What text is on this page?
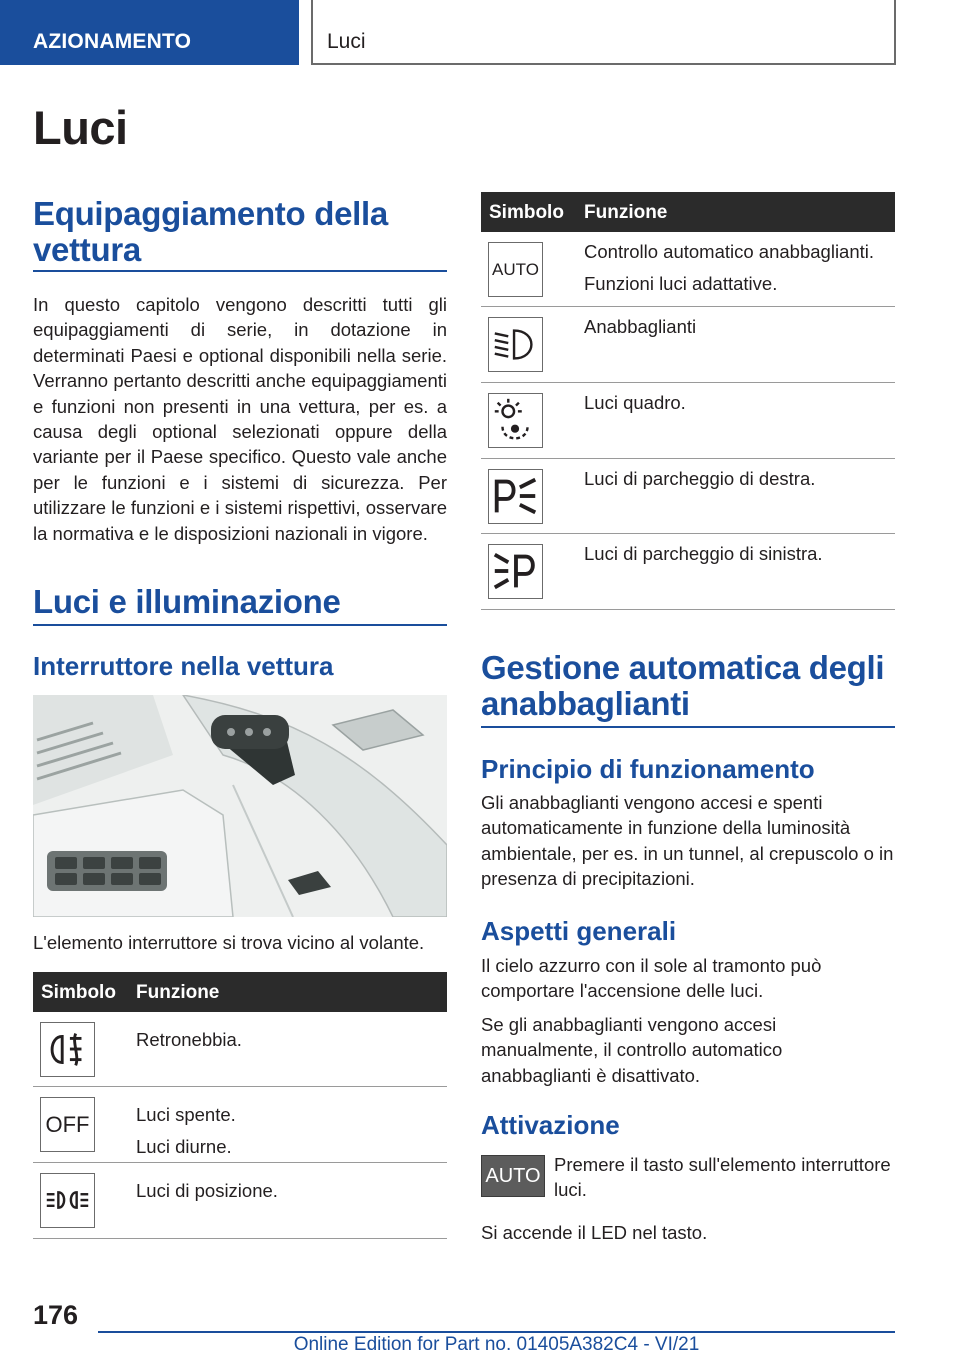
AZIONAMENTO	Luci
Luci
Equipaggiamento della vettura
In questo capitolo vengono descritti tutti gli equipaggiamenti di serie, in dotazione in determinati Paesi e optional disponibili nella serie. Verranno pertanto descritti anche equipaggiamenti e funzioni non presenti in una vettura, per es. a causa degli optional selezionati oppure della variante per il Paese specifico. Questo vale anche per le funzioni e i sistemi di sicurezza. Per utilizzare le funzioni e i sistemi rispettivi, osservare la normativa e le disposizioni nazionali in vigore.
Luci e illuminazione
Interruttore nella vettura
L'elemento interruttore si trova vicino al volante.
Simbolo Funzione
Retronebbia.
OFF	Luci spente.
Luci diurne.
Luci di posizione.
Simbolo Funzione
AUTO
Controllo automatico anabbaglianti.
Funzioni luci adattative.
Anabbaglianti
Luci quadro.
Luci di parcheggio di destra.
Luci di parcheggio di sinistra.
Gestione automatica degli anabbaglianti
Principio di funzionamento
Gli anabbaglianti vengono accesi e spenti automaticamente in funzione della luminosità ambientale, per es. in un tunnel, al crepuscolo o in presenza di precipitazioni.
Aspetti generali
Il cielo azzurro con il sole al tramonto può comportare l'accensione delle luci.
Se gli anabbaglianti vengono accesi manualmente, il controllo automatico anabbaglianti è disattivato.
Attivazione
AUTO
Premere il tasto sull'elemento interruttore luci.
Si accende il LED nel tasto.
176
Online Edition for Part no. 01405A382C4 - VI/21
